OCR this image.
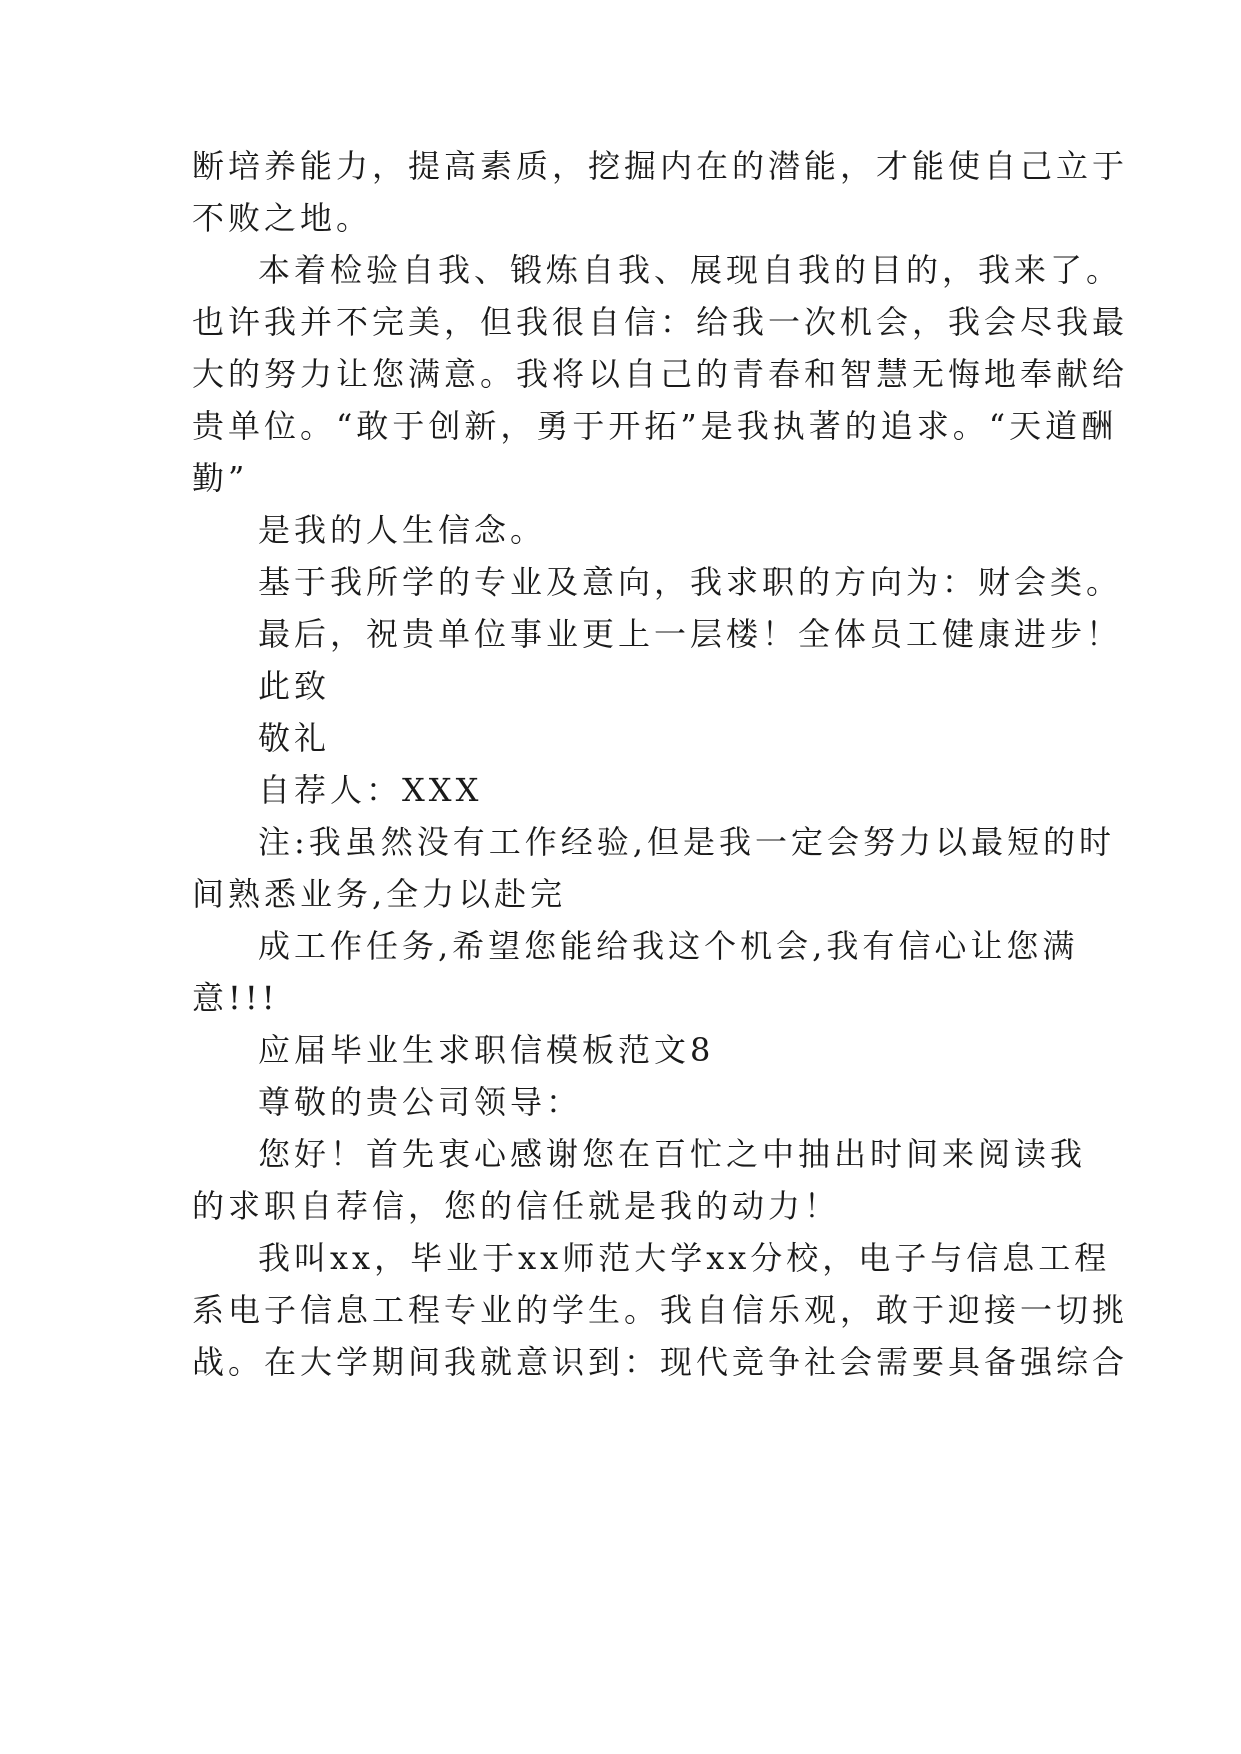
断培养能力，提高素质，挖掘内在的潜能，才能使自己立于
不败之地。
本着检验自我、锻炼自我、展现自我的目的，我来了。
也许我并不完美，但我很自信：给我一次机会，我会尽我最
大的努力让您满意。我将以自己的青春和智慧无悔地奉献给
贵单位。“敢于创新，勇于开拓”是我执著的追求。“天道酬
勤”
是我的人生信念。
基于我所学的专业及意向，我求职的方向为：财会类。
最后，祝贵单位事业更上一层楼！全体员工健康进步！
此致
敬礼
自荐人：XXX
注:我虽然没有工作经验,但是我一定会努力以最短的时
间熟悉业务,全力以赴完
成工作任务,希望您能给我这个机会,我有信心让您满
意!!!
应届毕业生求职信模板范文8
尊敬的贵公司领导：
您好！首先衷心感谢您在百忙之中抽出时间来阅读我
的求职自荐信，您的信任就是我的动力！
我叫xx，毕业于xx师范大学xx分校，电子与信息工程
系电子信息工程专业的学生。我自信乐观，敢于迎接一切挑
战。在大学期间我就意识到：现代竞争社会需要具备强综合
